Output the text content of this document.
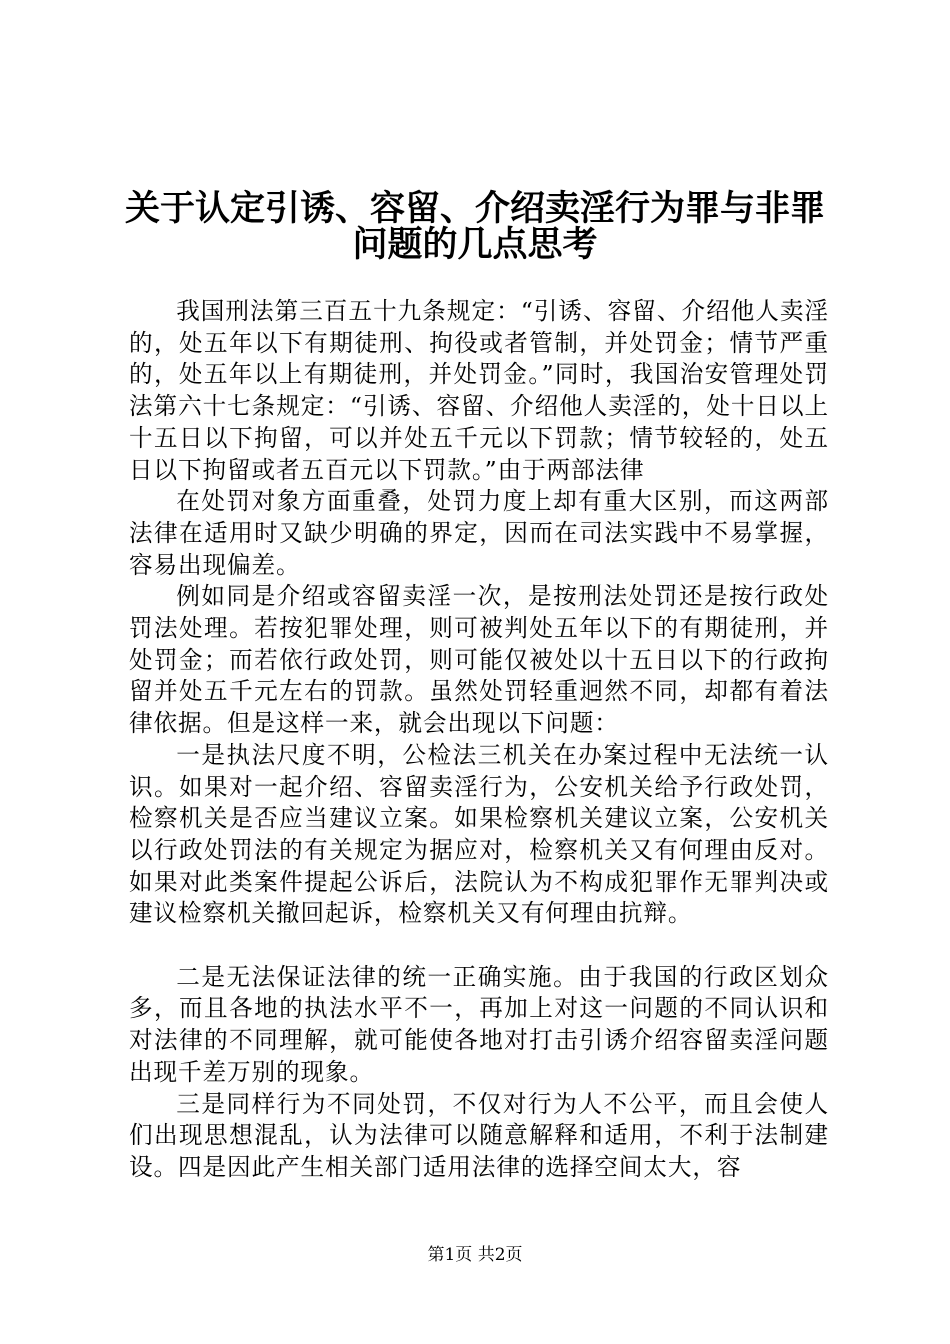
关于认定引诱、容留、介绍卖淫行为罪与非罪
问题的几点思考

我国刑法第三百五十九条规定：“引诱、容留、介绍他人卖淫的，处五年以下有期徒刑、拘役或者管制，并处罚金；情节严重的，处五年以上有期徒刑，并处罚金。”同时，我国治安管理处罚法第六十七条规定：“引诱、容留、介绍他人卖淫的，处十日以上十五日以下拘留，可以并处五千元以下罚款；情节较轻的，处五日以下拘留或者五百元以下罚款。”由于两部法律

在处罚对象方面重叠，处罚力度上却有重大区别，而这两部法律在适用时又缺少明确的界定，因而在司法实践中不易掌握，容易出现偏差。

例如同是介绍或容留卖淫一次，是按刑法处罚还是按行政处罚法处理。若按犯罪处理，则可被判处五年以下的有期徒刑，并处罚金；而若依行政处罚，则可能仅被处以十五日以下的行政拘留并处五千元左右的罚款。虽然处罚轻重迥然不同，却都有着法律依据。但是这样一来，就会出现以下问题：

一是执法尺度不明，公检法三机关在办案过程中无法统一认识。如果对一起介绍、容留卖淫行为，公安机关给予行政处罚，检察机关是否应当建议立案。如果检察机关建议立案，公安机关以行政处罚法的有关规定为据应对，检察机关又有何理由反对。如果对此类案件提起公诉后，法院认为不构成犯罪作无罪判决或建议检察机关撤回起诉，检察机关又有何理由抗辩。

二是无法保证法律的统一正确实施。由于我国的行政区划众多，而且各地的执法水平不一，再加上对这一问题的不同认识和对法律的不同理解，就可能使各地对打击引诱介绍容留卖淫问题出现千差万别的现象。

三是同样行为不同处罚，不仅对行为人不公平，而且会使人们出现思想混乱，认为法律可以随意解释和适用，不利于法制建设。四是因此产生相关部门适用法律的选择空间太大，容

第1页 共2页
